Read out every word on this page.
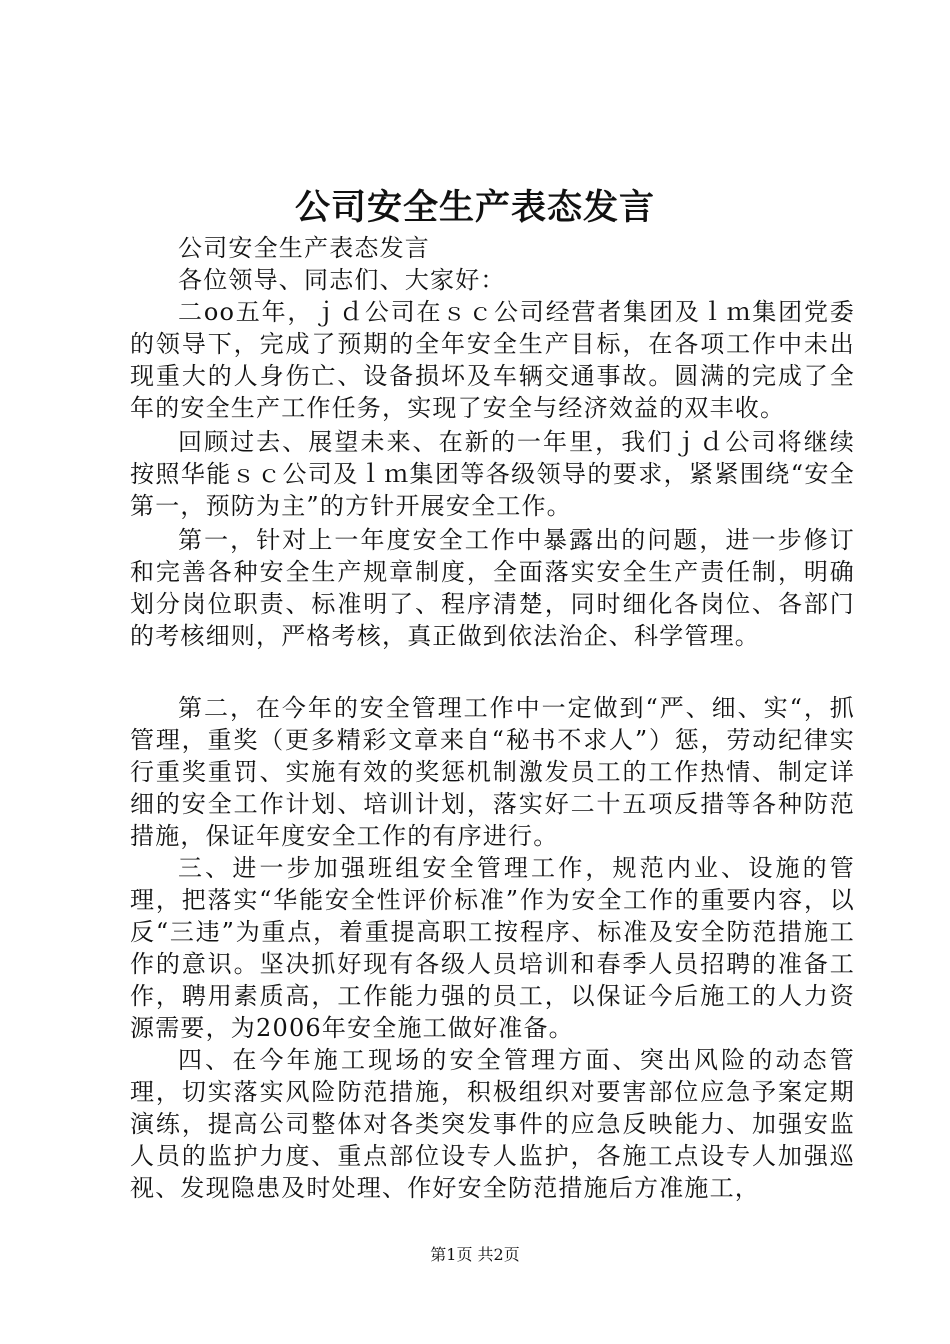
公司安全生产表态发言

公司安全生产表态发言

各位领导、同志们、大家好：

二oo五年，ｊｄ公司在ｓｃ公司经营者集团及ｌｍ集团党委的领导下，完成了预期的全年安全生产目标，在各项工作中未出现重大的人身伤亡、设备损坏及车辆交通事故。圆满的完成了全年的安全生产工作任务，实现了安全与经济效益的双丰收。

回顾过去、展望未来、在新的一年里，我们ｊｄ公司将继续按照华能ｓｃ公司及ｌｍ集团等各级领导的要求，紧紧围绕“安全第一，预防为主”的方针开展安全工作。

第一，针对上一年度安全工作中暴露出的问题，进一步修订和完善各种安全生产规章制度，全面落实安全生产责任制，明确划分岗位职责、标准明了、程序清楚，同时细化各岗位、各部门的考核细则，严格考核，真正做到依法治企、科学管理。

第二，在今年的安全管理工作中一定做到“严、细、实“，抓管理，重奖（更多精彩文章来自“秘书不求人”）惩，劳动纪律实行重奖重罚、实施有效的奖惩机制激发员工的工作热情、制定详细的安全工作计划、培训计划，落实好二十五项反措等各种防范措施，保证年度安全工作的有序进行。

三、进一步加强班组安全管理工作，规范内业、设施的管理，把落实“华能安全性评价标准”作为安全工作的重要内容，以反“三违”为重点，着重提高职工按程序、标准及安全防范措施工作的意识。坚决抓好现有各级人员培训和春季人员招聘的准备工作，聘用素质高，工作能力强的员工，以保证今后施工的人力资源需要，为2006年安全施工做好准备。

四、在今年施工现场的安全管理方面、突出风险的动态管理，切实落实风险防范措施，积极组织对要害部位应急予案定期演练，提高公司整体对各类突发事件的应急反映能力、加强安监人员的监护力度、重点部位设专人监护，各施工点设专人加强巡视、发现隐患及时处理、作好安全防范措施后方准施工，

第1页 共2页
